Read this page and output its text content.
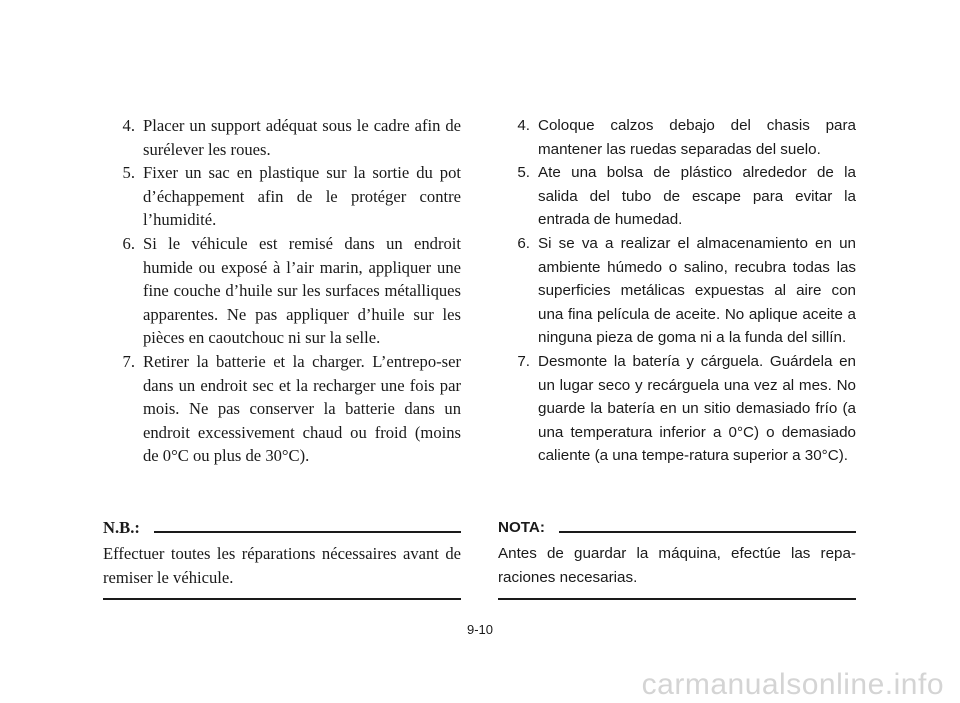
4. Placer un support adéquat sous le cadre afin de surélever les roues.
5. Fixer un sac en plastique sur la sortie du pot d’échappement afin de le protéger contre l’humidité.
6. Si le véhicule est remisé dans un endroit humide ou exposé à l’air marin, appliquer une fine couche d’huile sur les surfaces métalliques apparentes. Ne pas appliquer d’huile sur les pièces en caoutchouc ni sur la selle.
7. Retirer la batterie et la charger. L’entrepo-ser dans un endroit sec et la recharger une fois par mois. Ne pas conserver la batterie dans un endroit excessivement chaud ou froid (moins de 0°C ou plus de 30°C).
4. Coloque calzos debajo del chasis para mantener las ruedas separadas del suelo.
5. Ate una bolsa de plástico alrededor de la salida del tubo de escape para evitar la entrada de humedad.
6. Si se va a realizar el almacenamiento en un ambiente húmedo o salino, recubra todas las superficies metálicas expuestas al aire con una fina película de aceite. No aplique aceite a ninguna pieza de goma ni a la funda del sillín.
7. Desmonte la batería y cárguela. Guárdela en un lugar seco y recárguela una vez al mes. No guarde la batería en un sitio demasiado frío (a una temperatura inferior a 0°C) o demasiado caliente (a una tempe-ratura superior a 30°C).
N.B.:
Effectuer toutes les réparations nécessaires avant de remiser le véhicule.
NOTA:
Antes de guardar la máquina, efectúe las repa-raciones necesarias.
9-10
carmanualsonline.info
